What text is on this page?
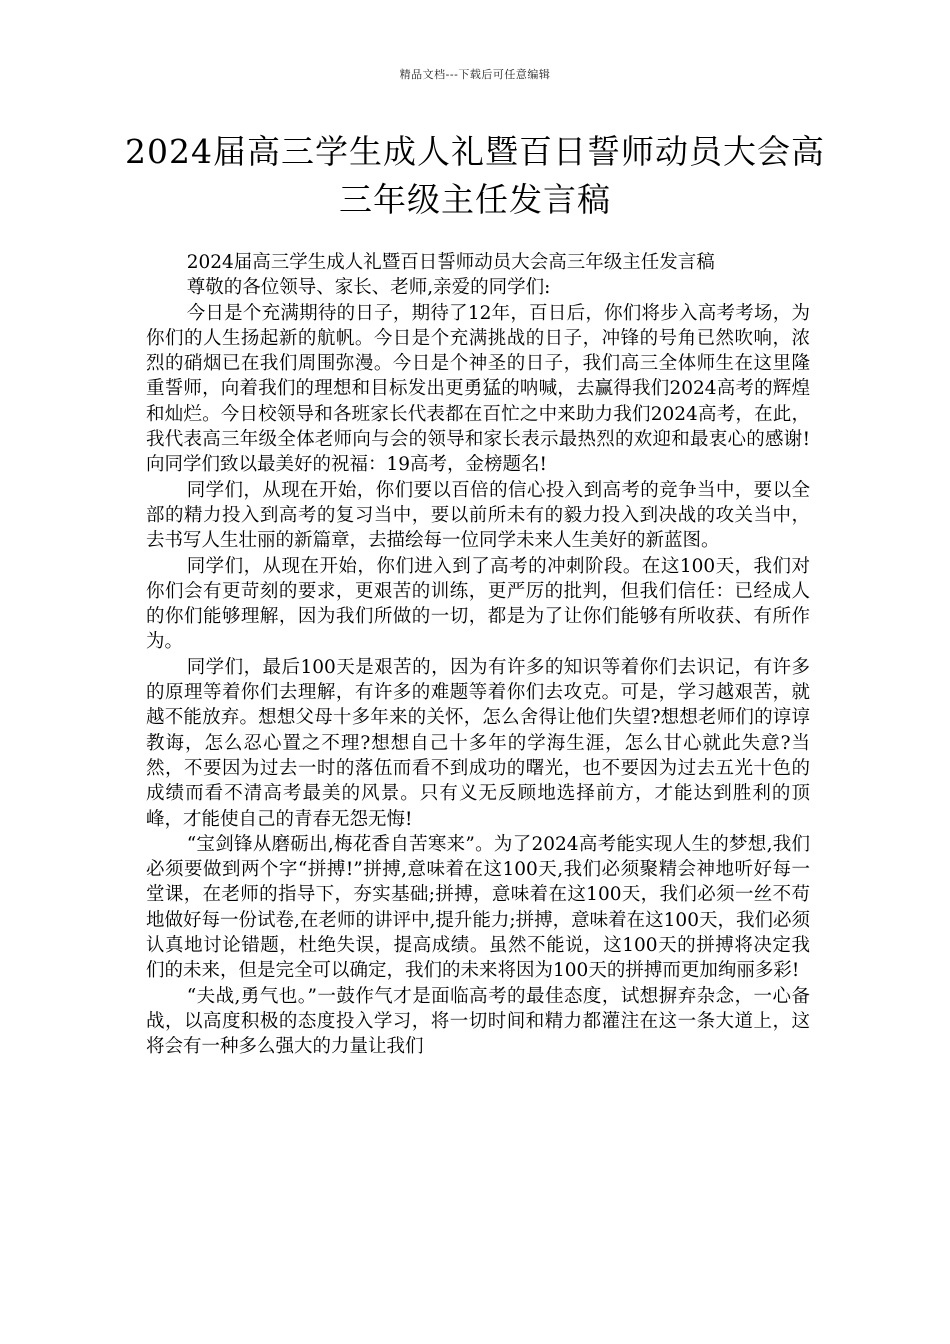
精品文档---下载后可任意编辑
2024届高三学生成人礼暨百日誓师动员大会高三年级主任发言稿

2024届高三学生成人礼暨百日誓师动员大会高三年级主任发言稿

尊敬的各位领导、家长、老师,亲爱的同学们:

今日是个充满期待的日子，期待了12年，百日后，你们将步入高考考场，为你们的人生扬起新的航帆。今日是个充满挑战的日子，冲锋的号角已然吹响，浓烈的硝烟已在我们周围弥漫。今日是个神圣的日子，我们高三全体师生在这里隆重誓师，向着我们的理想和目标发出更勇猛的呐喊，去赢得我们2024高考的辉煌和灿烂。今日校领导和各班家长代表都在百忙之中来助力我们2024高考，在此，我代表高三年级全体老师向与会的领导和家长表示最热烈的欢迎和最衷心的感谢!向同学们致以最美好的祝福：19高考，金榜题名!

同学们，从现在开始，你们要以百倍的信心投入到高考的竞争当中，要以全部的精力投入到高考的复习当中，要以前所未有的毅力投入到决战的攻关当中，去书写人生壮丽的新篇章，去描绘每一位同学未来人生美好的新蓝图。

同学们，从现在开始，你们进入到了高考的冲刺阶段。在这100天，我们对你们会有更苛刻的要求，更艰苦的训练，更严厉的批判，但我们信任：已经成人的你们能够理解，因为我们所做的一切，都是为了让你们能够有所收获、有所作为。

同学们，最后100天是艰苦的，因为有许多的知识等着你们去识记，有许多的原理等着你们去理解，有许多的难题等着你们去攻克。可是，学习越艰苦，就越不能放弃。想想父母十多年来的关怀，怎么舍得让他们失望?想想老师们的谆谆教诲，怎么忍心置之不理?想想自己十多年的学海生涯，怎么甘心就此失意?当然，不要因为过去一时的落伍而看不到成功的曙光，也不要因为过去五光十色的成绩而看不清高考最美的风景。只有义无反顾地选择前方，才能达到胜利的顶峰，才能使自己的青春无怨无悔!

“宝剑锋从磨砺出,梅花香自苦寒来”。为了2024高考能实现人生的梦想,我们必须要做到两个字“拼搏!”拼搏,意味着在这100天,我们必须聚精会神地听好每一堂课，在老师的指导下，夯实基础;拼搏，意味着在这100天，我们必须一丝不苟地做好每一份试卷,在老师的讲评中,提升能力;拼搏，意味着在这100天，我们必须认真地讨论错题，杜绝失误，提高成绩。虽然不能说，这100天的拼搏将决定我们的未来，但是完全可以确定，我们的未来将因为100天的拼搏而更加绚丽多彩!

“夫战,勇气也。”一鼓作气才是面临高考的最佳态度，试想摒弃杂念，一心备战，以高度积极的态度投入学习，将一切时间和精力都灌注在这一条大道上，这将会有一种多么强大的力量让我们
